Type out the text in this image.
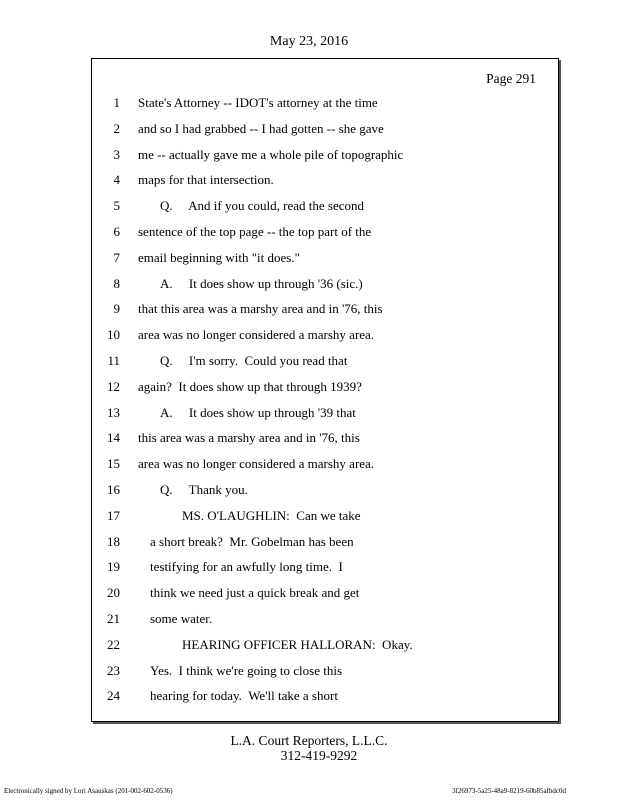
May 23, 2016
Page 291
1 State's Attorney -- IDOT's attorney at the time
2 and so I had grabbed -- I had gotten -- she gave
3 me -- actually gave me a whole pile of topographic
4 maps for that intersection.
5	Q.     And if you could, read the second
6 sentence of the top page -- the top part of the
7 email beginning with "it does."
8	A.     It does show up through '36 (sic.)
9 that this area was a marshy area and in '76, this
10 area was no longer considered a marshy area.
11	Q.     I'm sorry.  Could you read that
12 again?  It does show up that through 1939?
13	A.     It does show up through '39 that
14 this area was a marshy area and in '76, this
15 area was no longer considered a marshy area.
16	Q.     Thank you.
17	MS. O'LAUGHLIN:  Can we take
18 a short break?  Mr. Gobelman has been
19 testifying for an awfully long time.  I
20 think we need just a quick break and get
21 some water.
22	HEARING OFFICER HALLORAN:  Okay.
23 Yes.  I think we're going to close this
24 hearing for today.  We'll take a short
L.A. Court Reporters, L.L.C.
312-419-9292
Electronically signed by Lori Asauskas (201-002-602-0536)	3f26973-5a25-48a9-8219-60b85afbdc0d
